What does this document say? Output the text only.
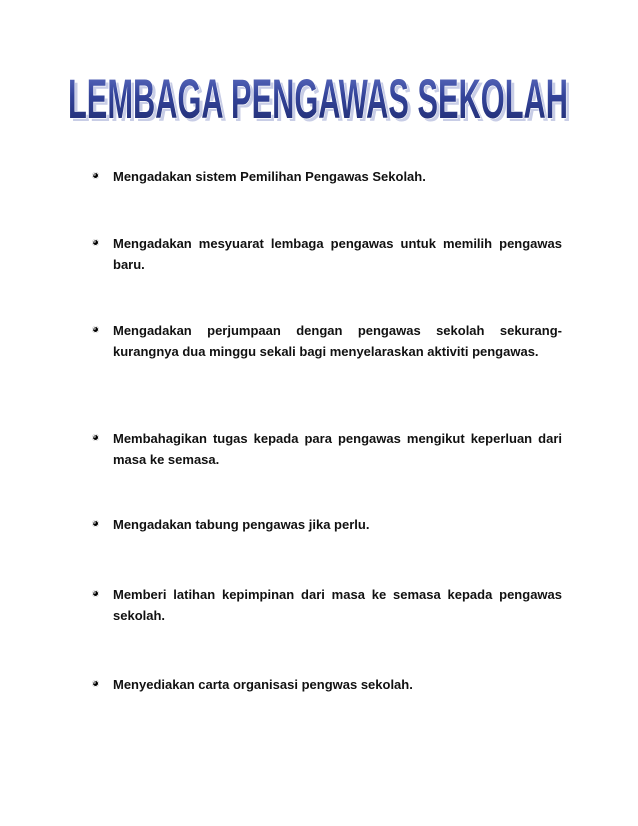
LEMBAGA PENGAWAS SEKOLAH
LEMBAGA PENGAWAS SEKOLAH
Mengadakan sistem Pemilihan Pengawas Sekolah.
Mengadakan mesyuarat lembaga pengawas untuk memilih pengawas baru.
Mengadakan perjumpaan dengan pengawas sekolah sekurang-kurangnya dua minggu sekali bagi menyelaraskan aktiviti pengawas.
Membahagikan tugas kepada para pengawas mengikut keperluan dari masa ke semasa.
Mengadakan tabung pengawas jika perlu.
Memberi latihan kepimpinan dari masa ke semasa kepada pengawas sekolah.
Menyediakan carta organisasi pengwas sekolah.
